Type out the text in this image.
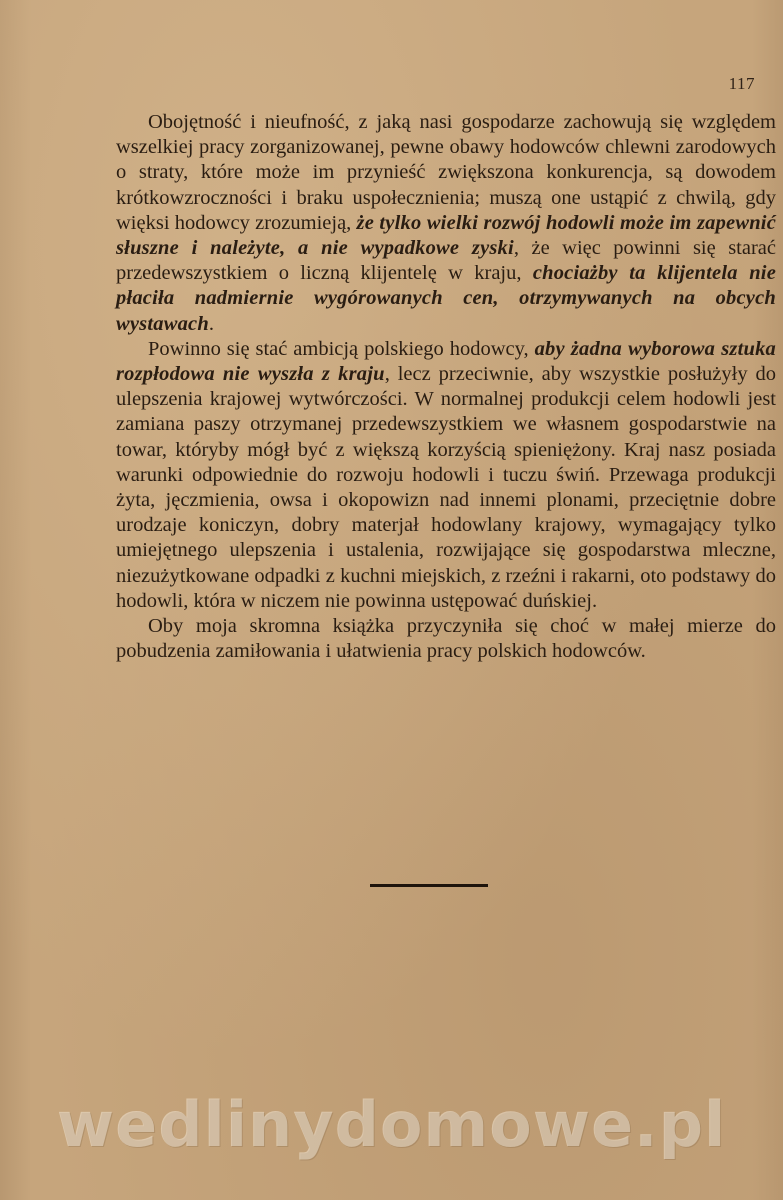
117

Obojętność i nieufność, z jaką nasi gospodarze zachowują się względem wszelkiej pracy zorganizowanej, pewne obawy hodowców chlewni zarodowych o straty, które może im przynieść zwiększona konkurencja, są dowodem krótkowzroczności i braku uspołecznienia; muszą one ustąpić z chwilą, gdy więksi hodowcy zrozumieją, że tylko wielki rozwój hodowli może im zapewnić słuszne i należyte, a nie wypadkowe zyski, że więc powinni się starać przedewszystkiem o liczną klijentelę w kraju, chociażby ta klijentela nie płaciła nadmiernie wygórowanych cen, otrzymywanych na obcych wystawach.

Powinno się stać ambicją polskiego hodowcy, aby żadna wyborowa sztuka rozpłodowa nie wyszła z kraju, lecz przeciwnie, aby wszystkie posłużyły do ulepszenia krajowej wytwórczości. W normalnej produkcji celem hodowli jest zamiana paszy otrzymanej przedewszystkiem we własnem gospodarstwie na towar, któryby mógł być z większą korzyścią spieniężony. Kraj nasz posiada warunki odpowiednie do rozwoju hodowli i tuczu świń. Przewaga produkcji żyta, jęczmienia, owsa i okopowizn nad innemi plonami, przeciętnie dobre urodzaje koniczyn, dobry materjał hodowlany krajowy, wymagający tylko umiejętnego ulepszenia i ustalenia, rozwijające się gospodarstwa mleczne, niezużytkowane odpadki z kuchni miejskich, z rzeźni i rakarni, oto podstawy do hodowli, która w niczem nie powinna ustępować duńskiej.

Oby moja skromna książka przyczyniła się choć w małej mierze do pobudzenia zamiłowania i ułatwienia pracy polskich hodowców.

wedlinydomowe.pl
